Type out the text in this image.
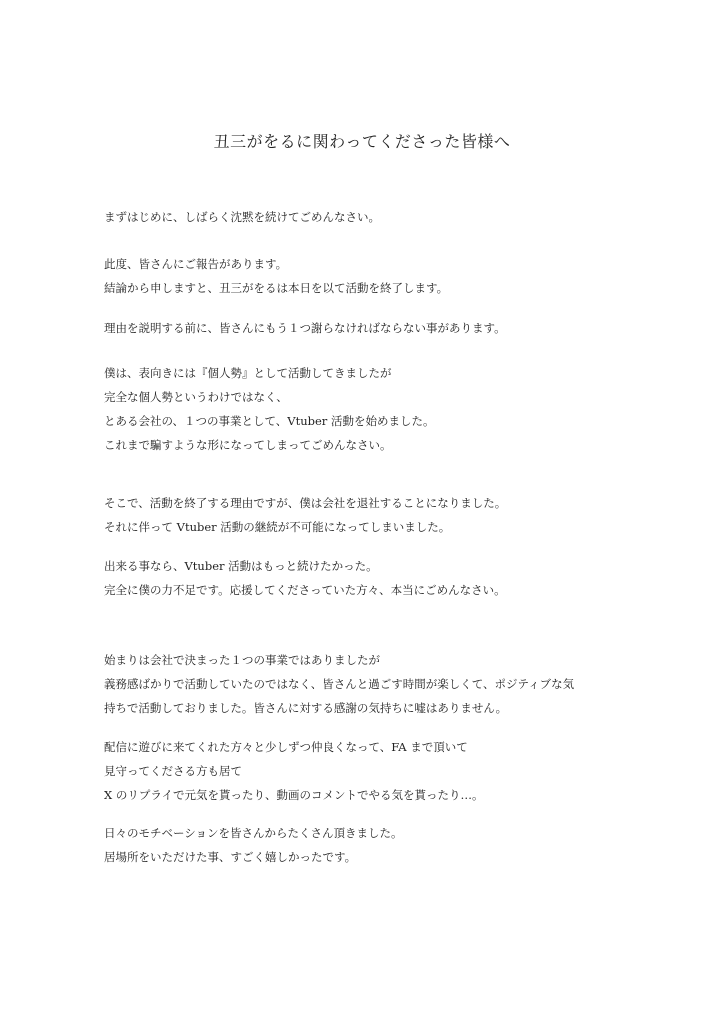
丑三がをるに関わってくださった皆様へ
まずはじめに、しばらく沈黙を続けてごめんなさい。
此度、皆さんにご報告があります。
結論から申しますと、丑三がをるは本日を以て活動を終了します。
理由を説明する前に、皆さんにもう１つ謝らなければならない事があります。
僕は、表向きには『個人勢』として活動してきましたが
完全な個人勢というわけではなく、
とある会社の、１つの事業として、Vtuber 活動を始めました。
これまで騙すような形になってしまってごめんなさい。
そこで、活動を終了する理由ですが、僕は会社を退社することになりました。
それに伴って Vtuber 活動の継続が不可能になってしまいました。
出来る事なら、Vtuber 活動はもっと続けたかった。
完全に僕の力不足です。応援してくださっていた方々、本当にごめんなさい。
始まりは会社で決まった１つの事業ではありましたが
義務感ばかりで活動していたのではなく、皆さんと過ごす時間が楽しくて、ポジティブな気
持ちで活動しておりました。皆さんに対する感謝の気持ちに嘘はありません。
配信に遊びに来てくれた方々と少しずつ仲良くなって、FA まで頂いて
見守ってくださる方も居て
X のリプライで元気を貰ったり、動画のコメントでやる気を貰ったり…。
日々のモチベーションを皆さんからたくさん頂きました。
居場所をいただけた事、すごく嬉しかったです。
